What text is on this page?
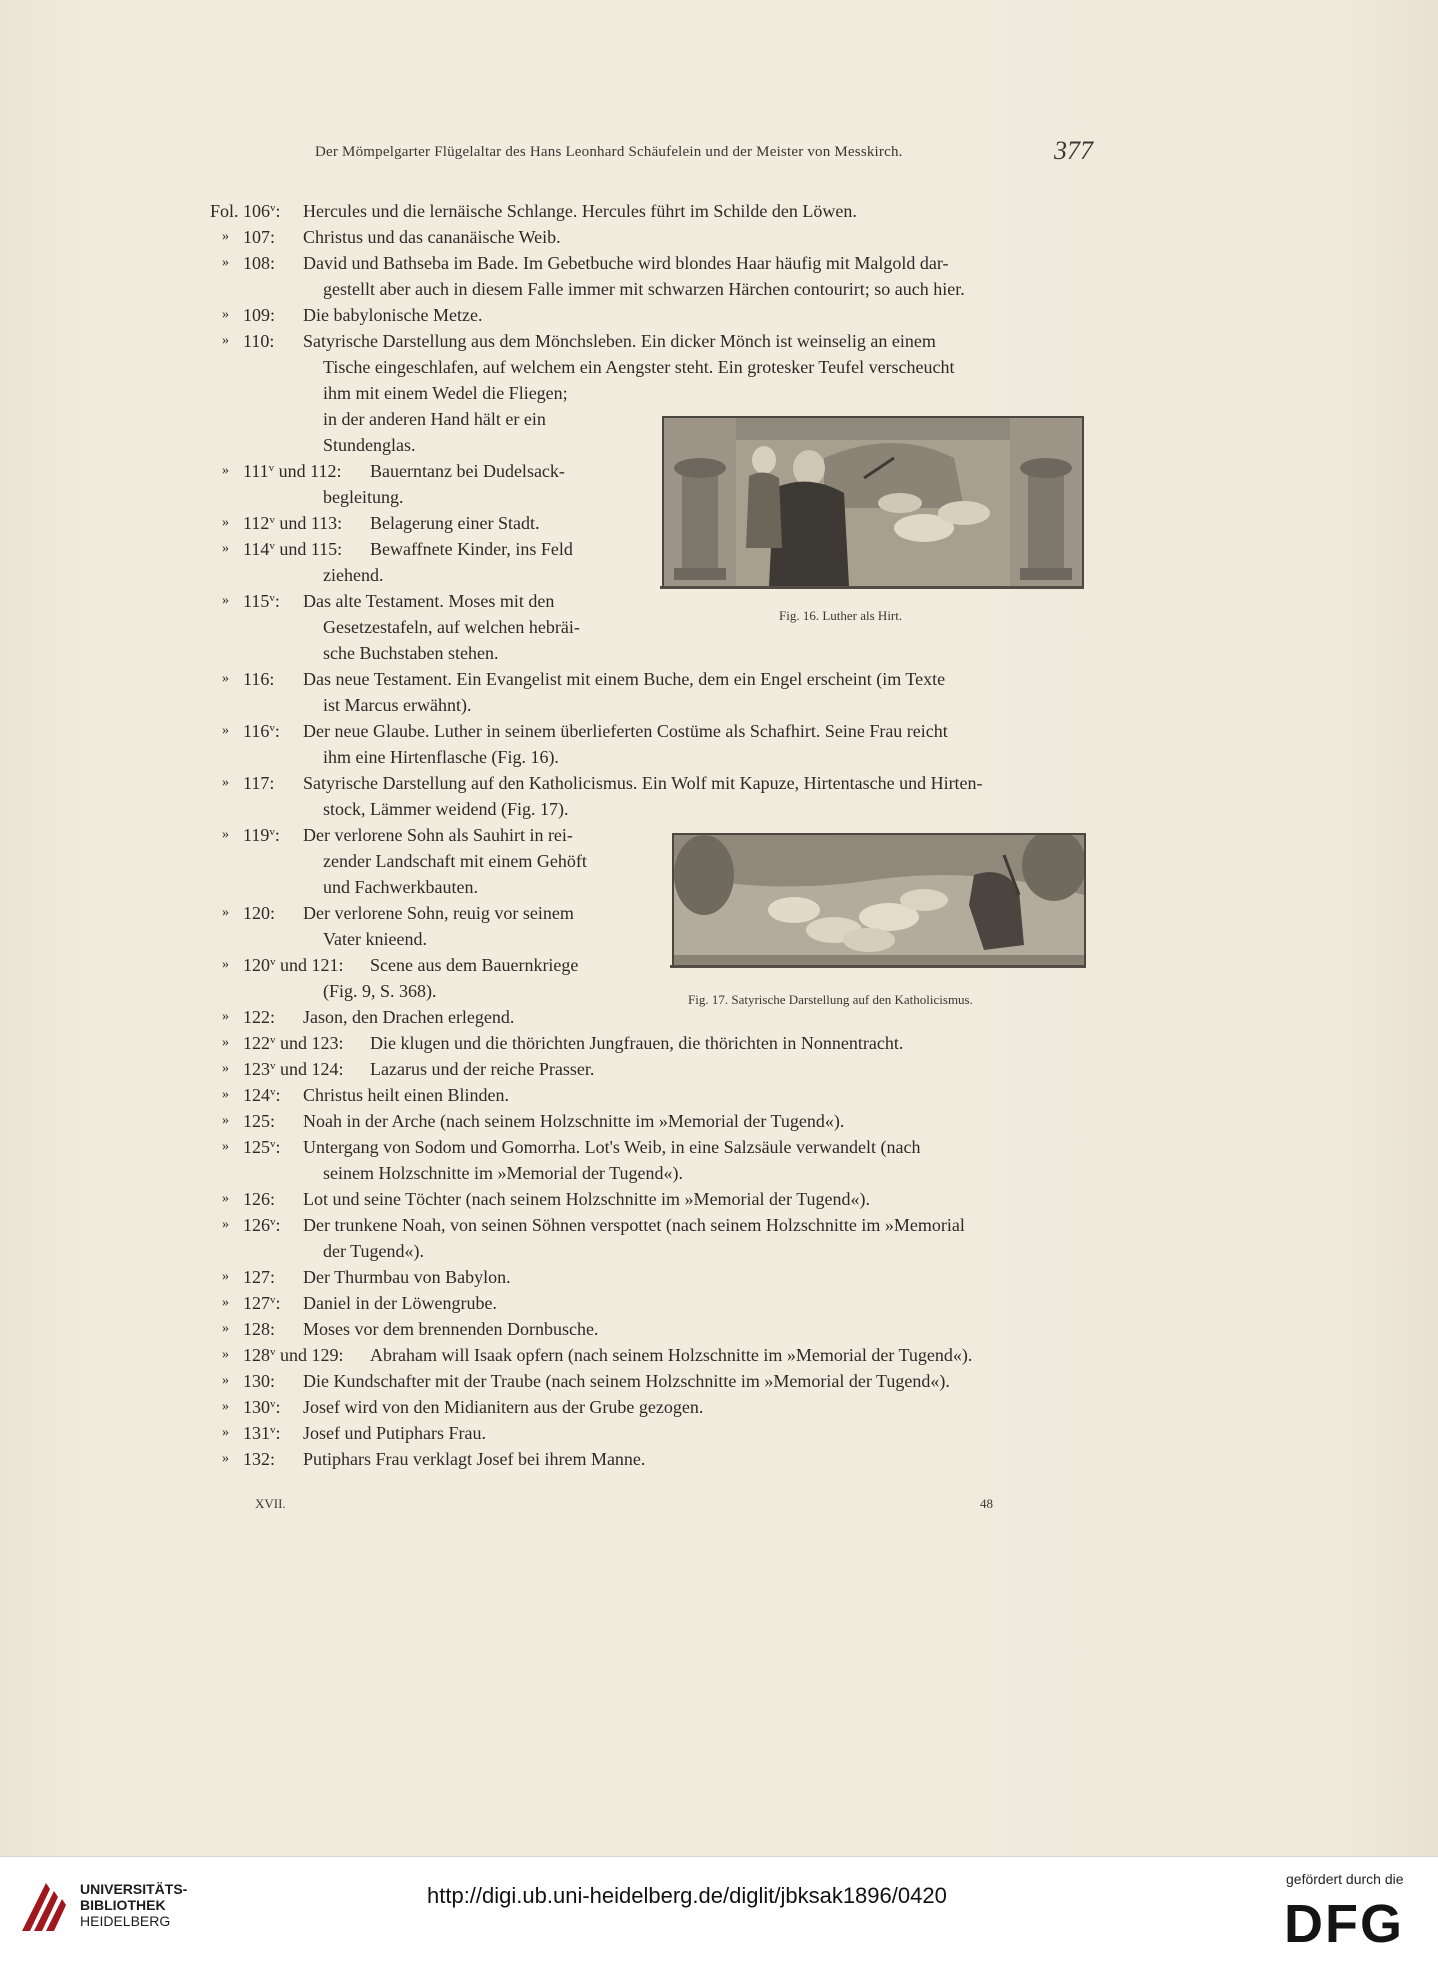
Der Mömpelgarter Flügelaltar des Hans Leonhard Schäufelein und der Meister von Messkirch.	377
Fol. 106$^v$: Hercules und die lernäische Schlange. Hercules führt im Schilde den Löwen.
» 107: Christus und das cananäische Weib.
» 108: David und Bathseba im Bade. Im Gebetbuche wird blondes Haar häufig mit Malgold dar-
gestellt aber auch in diesem Falle immer mit schwarzen Härchen contourirt; so auch hier.
» 109: Die babylonische Metze.
» 110: Satyrische Darstellung aus dem Mönchsleben. Ein dicker Mönch ist weinselig an einem
Tische eingeschlafen, auf welchem ein Aengster steht. Ein grotesker Teufel verscheucht
ihm mit einem Wedel die Fliegen;
in der anderen Hand hält er ein
Stundenglas.
» 111$^v$ und 112: Bauerntanz bei Dudelsack-
begleitung.
» 112$^v$ und 113: Belagerung einer Stadt.
» 114$^v$ und 115: Bewaffnete Kinder, ins Feld
ziehend.
» 115$^v$: Das alte Testament. Moses mit den
Gesetzestafeln, auf welchen hebräi-
sche Buchstaben stehen.
» 116: Das neue Testament. Ein Evangelist mit einem Buche, dem ein Engel erscheint (im Texte
ist Marcus erwähnt).
» 116$^v$: Der neue Glaube. Luther in seinem überlieferten Costüme als Schafhirt. Seine Frau reicht
ihm eine Hirtenflasche (Fig. 16).
» 117: Satyrische Darstellung auf den Katholicismus. Ein Wolf mit Kapuze, Hirtentasche und Hirten-
stock, Lämmer weidend (Fig. 17).
» 119$^v$: Der verlorene Sohn als Sauhirt in rei-
zender Landschaft mit einem Gehöft
und Fachwerkbauten.
» 120: Der verlorene Sohn, reuig vor seinem
Vater knieend.
» 120$^v$ und 121: Scene aus dem Bauernkriege
(Fig. 9, S. 368).
» 122: Jason, den Drachen erlegend.
» 122$^v$ und 123: Die klugen und die thörichten Jungfrauen, die thörichten in Nonnentracht.
» 123$^v$ und 124: Lazarus und der reiche Prasser.
» 124$^v$: Christus heilt einen Blinden.
» 125: Noah in der Arche (nach seinem Holzschnitte im »Memorial der Tugend«).
» 125$^v$: Untergang von Sodom und Gomorrha. Lot's Weib, in eine Salzsäule verwandelt (nach
seinem Holzschnitte im »Memorial der Tugend«).
» 126: Lot und seine Töchter (nach seinem Holzschnitte im »Memorial der Tugend«).
» 126$^v$: Der trunkene Noah, von seinen Söhnen verspottet (nach seinem Holzschnitte im »Memorial
der Tugend«).
» 127: Der Thurmbau von Babylon.
» 127$^v$: Daniel in der Löwengrube.
» 128: Moses vor dem brennenden Dornbusche.
» 128$^v$ und 129: Abraham will Isaak opfern (nach seinem Holzschnitte im »Memorial der Tugend«).
» 130: Die Kundschafter mit der Traube (nach seinem Holzschnitte im »Memorial der Tugend«).
» 130$^v$: Josef wird von den Midianitern aus der Grube gezogen.
» 131$^v$: Josef und Putiphars Frau.
» 132: Putiphars Frau verklagt Josef bei ihrem Manne.
Fig. 16. Luther als Hirt.
Fig. 17. Satyrische Darstellung auf den Katholicismus.
XVII.	48
UNIVERSITÄTS-
BIBLIOTHEK
HEIDELBERG
http://digi.ub.uni-heidelberg.de/diglit/jbksak1896/0420
gefördert durch die
DFG
